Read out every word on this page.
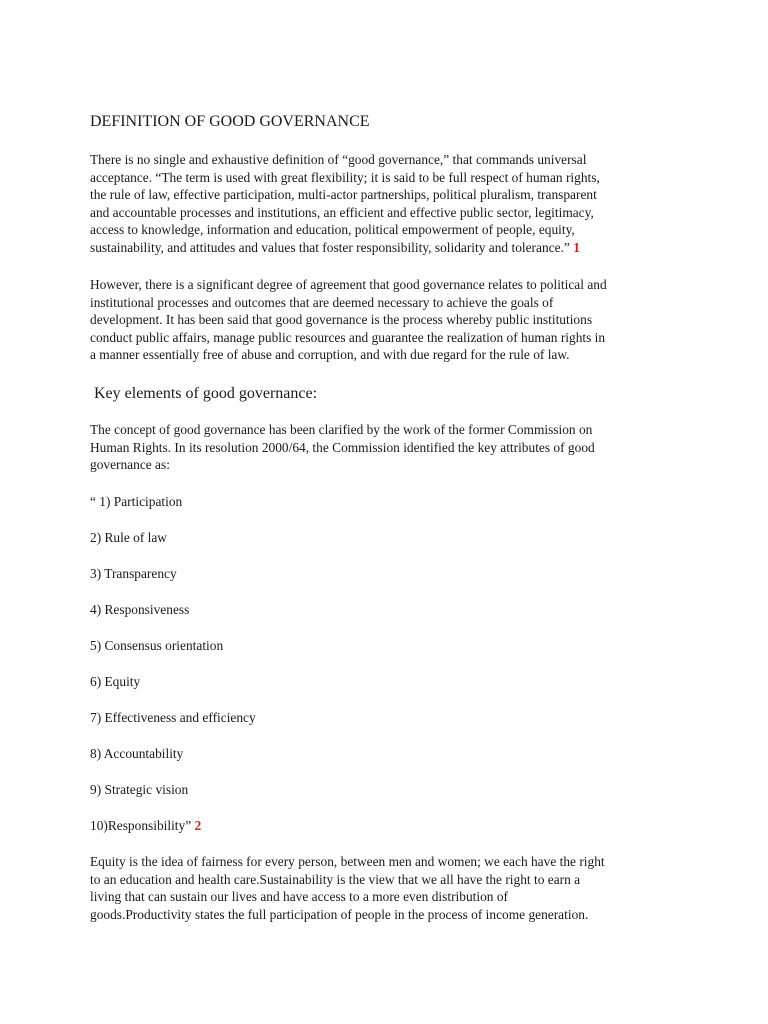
DEFINITION OF GOOD GOVERNANCE
There is no single and exhaustive definition of “good governance,” that commands universal
acceptance. “The term is used with great flexibility; it is said to be full respect of human rights,
the rule of law, effective participation, multi-actor partnerships, political pluralism, transparent
and accountable processes and institutions, an efficient and effective public sector, legitimacy,
access to knowledge, information and education, political empowerment of people, equity,
sustainability, and attitudes and values that foster responsibility, solidarity and tolerance.” 1
However, there is a significant degree of agreement that good governance relates to political and
institutional processes and outcomes that are deemed necessary to achieve the goals of
development. It has been said that good governance is the process whereby public institutions
conduct public affairs, manage public resources and guarantee the realization of human rights in
a manner essentially free of abuse and corruption, and with due regard for the rule of law.
Key elements of good governance:
The concept of good governance has been clarified by the work of the former Commission on
Human Rights. In its resolution 2000/64, the Commission identified the key attributes of good
governance as:
“ 1) Participation
2) Rule of law
3) Transparency
4) Responsiveness
5) Consensus orientation
6) Equity
7) Effectiveness and efficiency
8) Accountability
9) Strategic vision
10)Responsibility” 2
Equity is the idea of fairness for every person, between men and women; we each have the right
to an education and health care.Sustainability is the view that we all have the right to earn a
living that can sustain our lives and have access to a more even distribution of
goods.Productivity states the full participation of people in the process of income generation.
